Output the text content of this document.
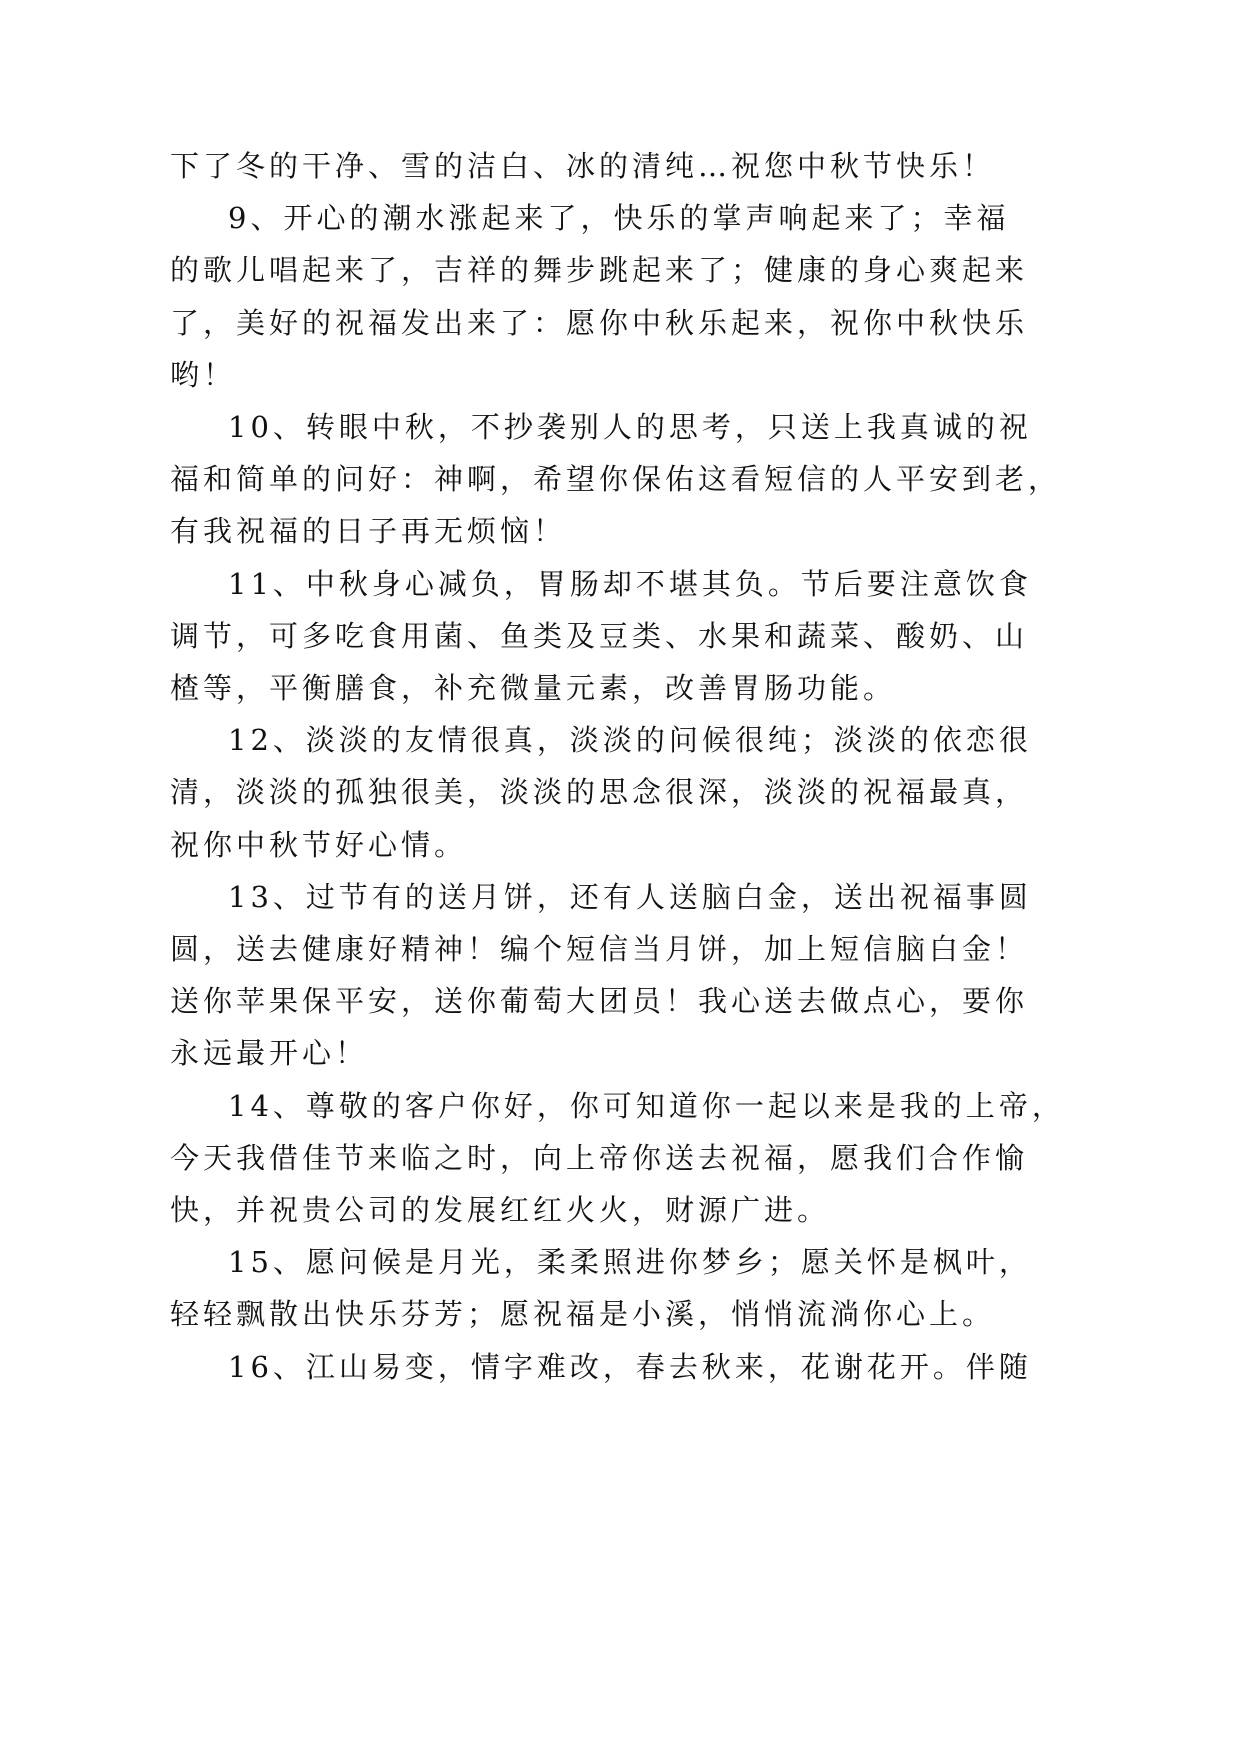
下了冬的干净、雪的洁白、冰的清纯…祝您中秋节快乐！

9、开心的潮水涨起来了，快乐的掌声响起来了；幸福

的歌儿唱起来了，吉祥的舞步跳起来了；健康的身心爽起来

了，美好的祝福发出来了：愿你中秋乐起来，祝你中秋快乐

哟！

10、转眼中秋，不抄袭别人的思考，只送上我真诚的祝

福和简单的问好：神啊，希望你保佑这看短信的人平安到老，

有我祝福的日子再无烦恼！

11、中秋身心减负，胃肠却不堪其负。节后要注意饮食

调节，可多吃食用菌、鱼类及豆类、水果和蔬菜、酸奶、山

楂等，平衡膳食，补充微量元素，改善胃肠功能。

12、淡淡的友情很真，淡淡的问候很纯；淡淡的依恋很

清，淡淡的孤独很美，淡淡的思念很深，淡淡的祝福最真，

祝你中秋节好心情。

13、过节有的送月饼，还有人送脑白金，送出祝福事圆

圆，送去健康好精神！编个短信当月饼，加上短信脑白金！

送你苹果保平安，送你葡萄大团员！我心送去做点心，要你

永远最开心！

14、尊敬的客户你好，你可知道你一起以来是我的上帝，

今天我借佳节来临之时，向上帝你送去祝福，愿我们合作愉

快，并祝贵公司的发展红红火火，财源广进。

15、愿问候是月光，柔柔照进你梦乡；愿关怀是枫叶，

轻轻飘散出快乐芬芳；愿祝福是小溪，悄悄流淌你心上。

16、江山易变，情字难改，春去秋来，花谢花开。伴随
